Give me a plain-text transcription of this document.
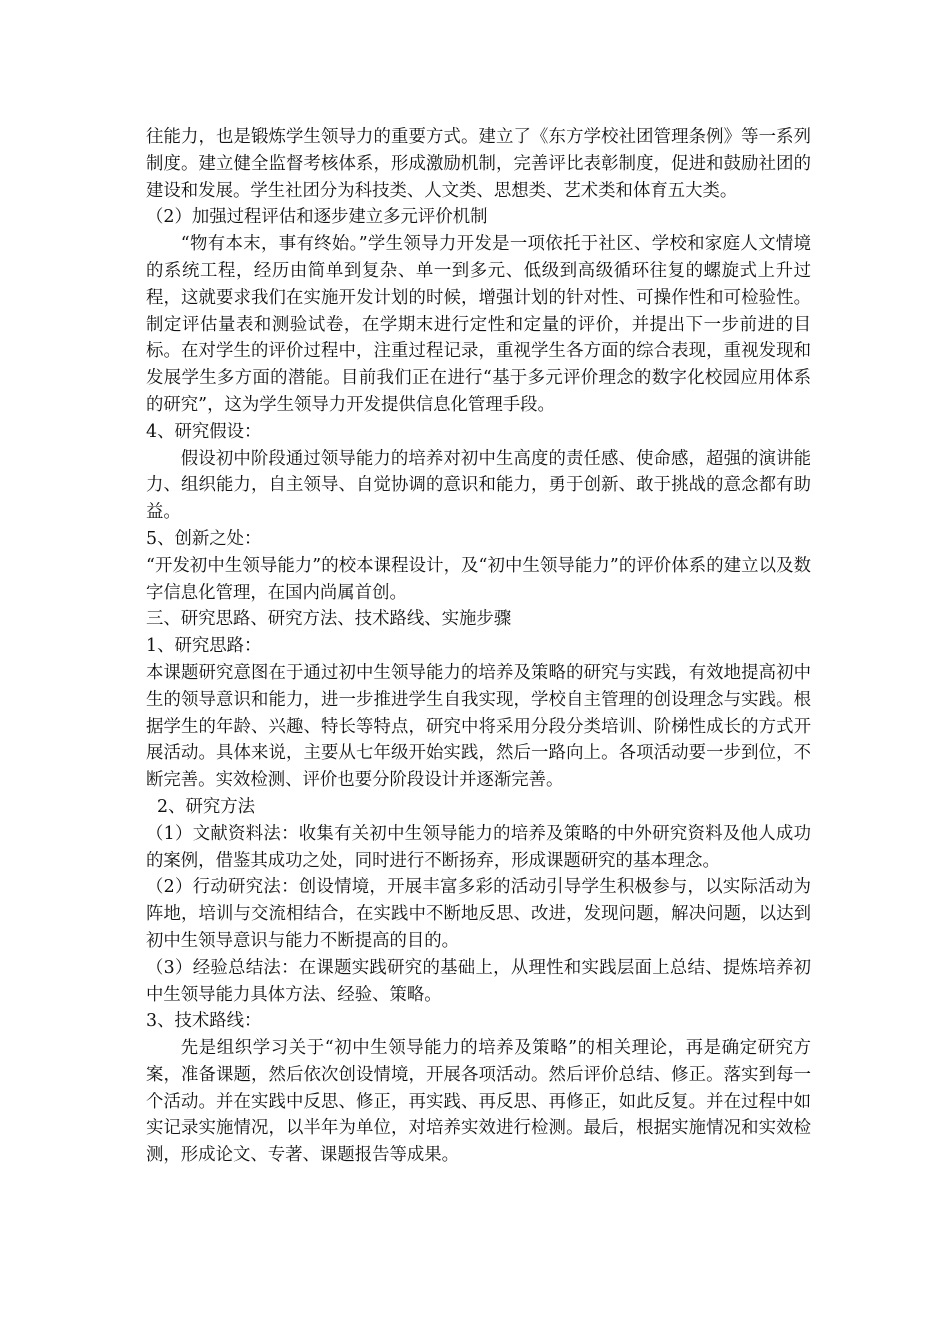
往能力，也是锻炼学生领导力的重要方式。建立了《东方学校社团管理条例》等一系列制度。建立健全监督考核体系，形成激励机制，完善评比表彰制度，促进和鼓励社团的建设和发展。学生社团分为科技类、人文类、思想类、艺术类和体育五大类。

（2）加强过程评估和逐步建立多元评价机制

“物有本末，事有终始。”学生领导力开发是一项依托于社区、学校和家庭人文情境的系统工程，经历由简单到复杂、单一到多元、低级到高级循环往复的螺旋式上升过程，这就要求我们在实施开发计划的时候，增强计划的针对性、可操作性和可检验性。制定评估量表和测验试卷，在学期末进行定性和定量的评价，并提出下一步前进的目标。在对学生的评价过程中，注重过程记录，重视学生各方面的综合表现，重视发现和发展学生多方面的潜能。目前我们正在进行“基于多元评价理念的数字化校园应用体系的研究”，这为学生领导力开发提供信息化管理手段。

4、研究假设：

假设初中阶段通过领导能力的培养对初中生高度的责任感、使命感，超强的演讲能力、组织能力，自主领导、自觉协调的意识和能力，勇于创新、敢于挑战的意念都有助益。

5、创新之处：

“开发初中生领导能力”的校本课程设计，及“初中生领导能力”的评价体系的建立以及数字信息化管理，在国内尚属首创。

三、研究思路、研究方法、技术路线、实施步骤

1、研究思路：

本课题研究意图在于通过初中生领导能力的培养及策略的研究与实践，有效地提高初中生的领导意识和能力，进一步推进学生自我实现，学校自主管理的创设理念与实践。根据学生的年龄、兴趣、特长等特点，研究中将采用分段分类培训、阶梯性成长的方式开展活动。具体来说，主要从七年级开始实践，然后一路向上。各项活动要一步到位，不断完善。实效检测、评价也要分阶段设计并逐渐完善。

2、研究方法

（1）文献资料法：收集有关初中生领导能力的培养及策略的中外研究资料及他人成功的案例，借鉴其成功之处，同时进行不断扬弃，形成课题研究的基本理念。

（2）行动研究法：创设情境，开展丰富多彩的活动引导学生积极参与，以实际活动为阵地，培训与交流相结合，在实践中不断地反思、改进，发现问题，解决问题，以达到初中生领导意识与能力不断提高的目的。

（3）经验总结法：在课题实践研究的基础上，从理性和实践层面上总结、提炼培养初中生领导能力具体方法、经验、策略。

3、技术路线：

先是组织学习关于“初中生领导能力的培养及策略”的相关理论，再是确定研究方案，准备课题，然后依次创设情境，开展各项活动。然后评价总结、修正。落实到每一个活动。并在实践中反思、修正，再实践、再反思、再修正，如此反复。并在过程中如实记录实施情况，以半年为单位，对培养实效进行检测。最后，根据实施情况和实效检测，形成论文、专著、课题报告等成果。
